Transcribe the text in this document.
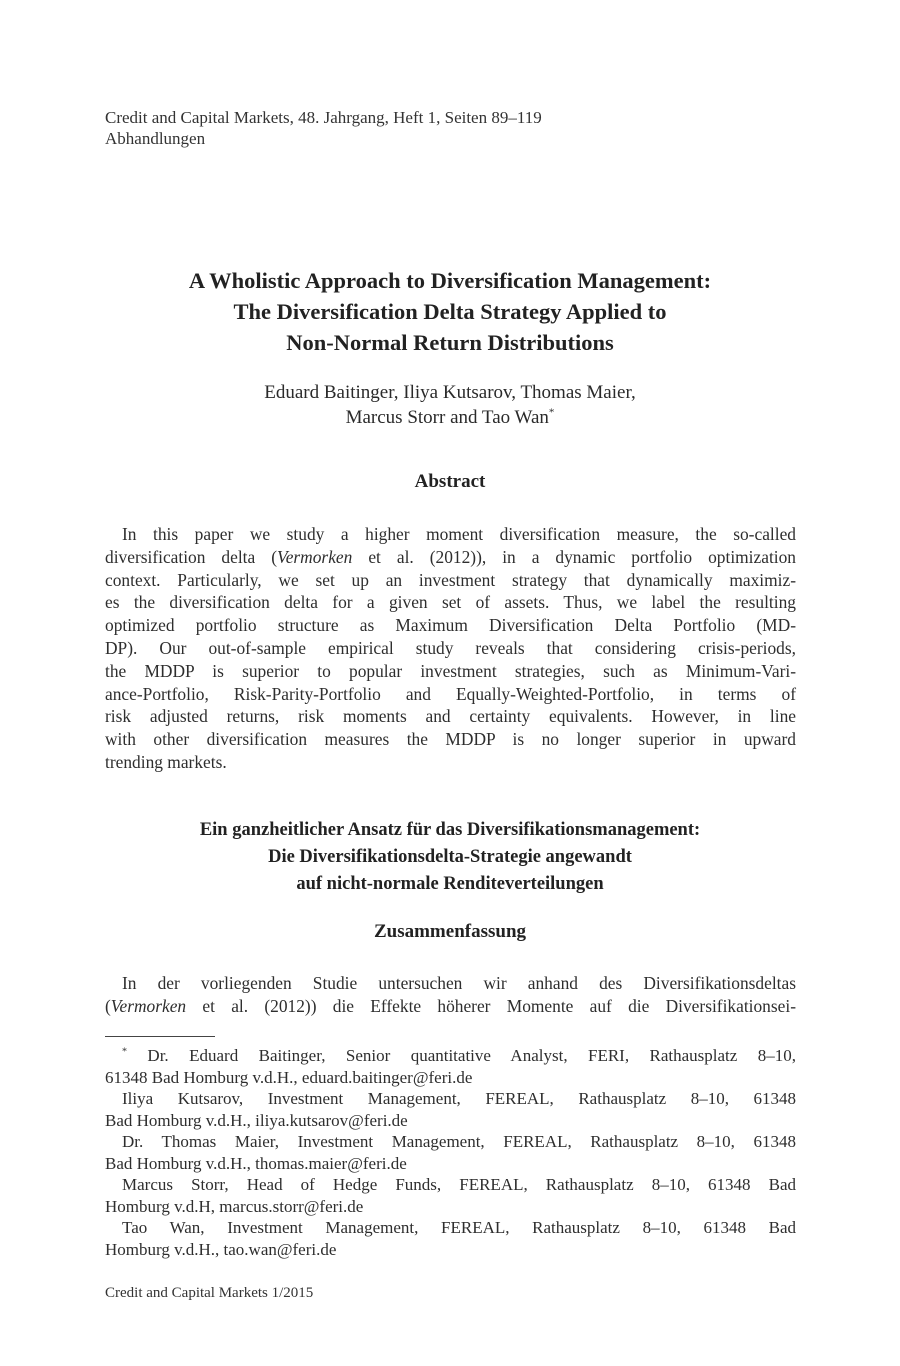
Credit and Capital Markets, 48. Jahrgang, Heft 1, Seiten 89–119
Abhandlungen
A Wholistic Approach to Diversification Management:
The Diversification Delta Strategy Applied to
Non-Normal Return Distributions
Eduard Baitinger, Iliya Kutsarov, Thomas Maier,
Marcus Storr and Tao Wan*
Abstract
In this paper we study a higher moment diversification measure, the so-called
diversification delta (Vermorken et al. (2012)), in a dynamic portfolio optimization
context. Particularly, we set up an investment strategy that dynamically maximiz-
es the diversification delta for a given set of assets. Thus, we label the resulting
optimized portfolio structure as Maximum Diversification Delta Portfolio (MD-
DP). Our out-of-sample empirical study reveals that considering crisis-periods,
the MDDP is superior to popular investment strategies, such as Minimum-Vari-
ance-Portfolio, Risk-Parity-Portfolio and Equally-Weighted-Portfolio, in terms of
risk adjusted returns, risk moments and certainty equivalents. However, in line
with other diversification measures the MDDP is no longer superior in upward
trending markets.
Ein ganzheitlicher Ansatz für das Diversifikationsmanagement:
Die Diversifikationsdelta-Strategie angewandt
auf nicht-normale Renditeverteilungen
Zusammenfassung
In der vorliegenden Studie untersuchen wir anhand des Diversifikationsdeltas
(Vermorken et al. (2012)) die Effekte höherer Momente auf die Diversifikationsei-
* Dr. Eduard Baitinger, Senior quantitative Analyst, FERI, Rathausplatz 8–10,
61348 Bad Homburg v.d.H., eduard.baitinger@feri.de
Iliya Kutsarov, Investment Management, FEREAL, Rathausplatz 8–10, 61348
Bad Homburg v.d.H., iliya.kutsarov@feri.de
Dr. Thomas Maier, Investment Management, FEREAL, Rathausplatz 8–10, 61348
Bad Homburg v.d.H., thomas.maier@feri.de
Marcus Storr, Head of Hedge Funds, FEREAL, Rathausplatz 8–10, 61348 Bad
Homburg v.d.H, marcus.storr@feri.de
Tao Wan, Investment Management, FEREAL, Rathausplatz 8–10, 61348 Bad
Homburg v.d.H., tao.wan@feri.de
Credit and Capital Markets 1/2015
